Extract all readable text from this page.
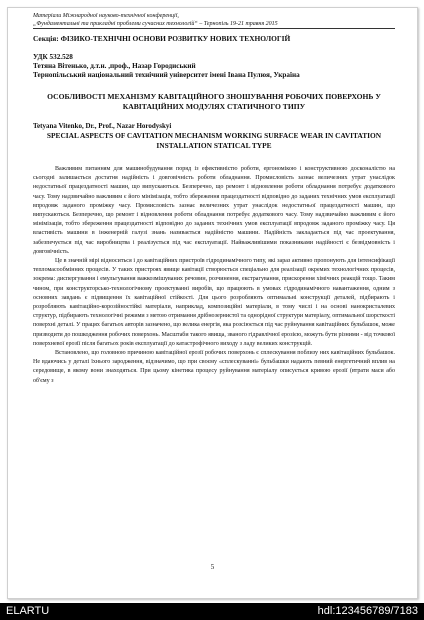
Матеріали Міжнародної науково-технічної конференції,
„Фундаментальні та прикладні проблеми сучасних технологій“ – Тернопіль 19-21 травня 2015
Секція: ФІЗИКО-ТЕХНІЧНІ ОСНОВИ РОЗВИТКУ НОВИХ ТЕХНОЛОГІЙ
УДК 532.528
Тетяна Вітенько, д.т.н. ,проф., Назар Городиський
Тернопільський національний технічний університет імені Івана Пулюя, Україна
ОСОБЛИВОСТІ МЕХАНІЗМУ КАВІТАЦІЙНОГО ЗНОШУВАННЯ РОБОЧИХ ПОВЕРХОНЬ У КАВІТАЦІЙНИХ МОДУЛЯХ СТАТИЧНОГО ТИПУ
Tetyana Vitenko, Dr., Prof., Nazar Horodyskyi
SPECIAL ASPECTS OF CAVITATION MECHANISM WORKING SURFACE WEAR IN CAVITATION INSTALLATION STATICAL TYPE

Важливим питанням для машинобудування поряд із ефективністю роботи, ергономікою і конструктивною досконалістю на сьогодні залишається достатня надійність і довговічність роботи обладнання. Промисловість зазнає величезних утрат унаслідок недостатньої працездатності машин, що випускаються. Безперечно, що ремонт і відновлення роботи обладнання потребує додаткового часу. Тому надзвичайно важливим є його мінімізація, тобто збереження працездатності відповідно до заданих технічних умов експлуатації впродовж заданого проміжку часу. Промисловість зазнає величезних утрат унаслідок недостатньої працездатності машин, що випускаються. Безперечно, що ремонт і відновлення роботи обладнання потребує додаткового часу. Тому надзвичайно важливим є його мінімізація, тобто збереження працездатності відповідно до заданих технічних умов експлуатації впродовж заданого проміжку часу. Ця властивість машини в інженерній галузі знань називається надійністю машини. Надійність закладається під час проектування, забезпечується під час виробництва і реалізується під час експлуатації. Найважливішими показниками надійності є безвідмовність і довговічність.

Це в значній мірі відноситься і до кавітаційних пристроїв гідродинамічного типу, які зараз активно пропонують для інтенсифікації тепломасообмінних процесів. У таких пристроях явище кавітації створюється спеціально для реалізації окремих технологічних процесів, зокрема: диспергування і емульгування важкозмішуваних речовин, розчинення, екстрагування, прискорення хімічних реакцій тощо. Таким чином, при конструкторсько-технологічному проектуванні виробів, що працюють в умовах гідродинамічного навантаження, одним з основних завдань є підвищення їх кавітаційної стійкості. Для цього розробляють оптимальні конструкції деталей, підбирають і розробляють кавітаційно-корозійностійкі матеріали, наприклад, композиційні матеріали, в тому числі і на основі нанокристалевих структур, підбирають технологічні режими з метою отримання дрібнозернистої та однорідної структури матеріалу, оптимальної шорсткості поверхні деталі. У працях багатьох авторів зазначено, що велика енергія, яка розсіюється під час руйнування кавітаційних бульбашок, може призводити до пошкодження робочих поверхонь. Масштаби такого явища, званого гідравлічної ерозією, можуть бути різними - від точкової поверхневої ерозії після багатьох років експлуатації до катастрофічного виходу з ладу великих конструкцій.

Встановлено, що головною причиною кавітаційної ерозії робочих поверхонь є сплескування поблизу них кавітаційних бульбашок. Не вдаючись у деталі їхнього зародження, відзначимо, що при своєму «сплескуванні» бульбашки надають певний енергетичний вплив на середовище, в якому вони знаходяться. При цьому кінетика процесу руйнування матеріалу описується кривою ерозії (втрати маси або об'єму з

5
ELARTU	hdl:123456789/7183
